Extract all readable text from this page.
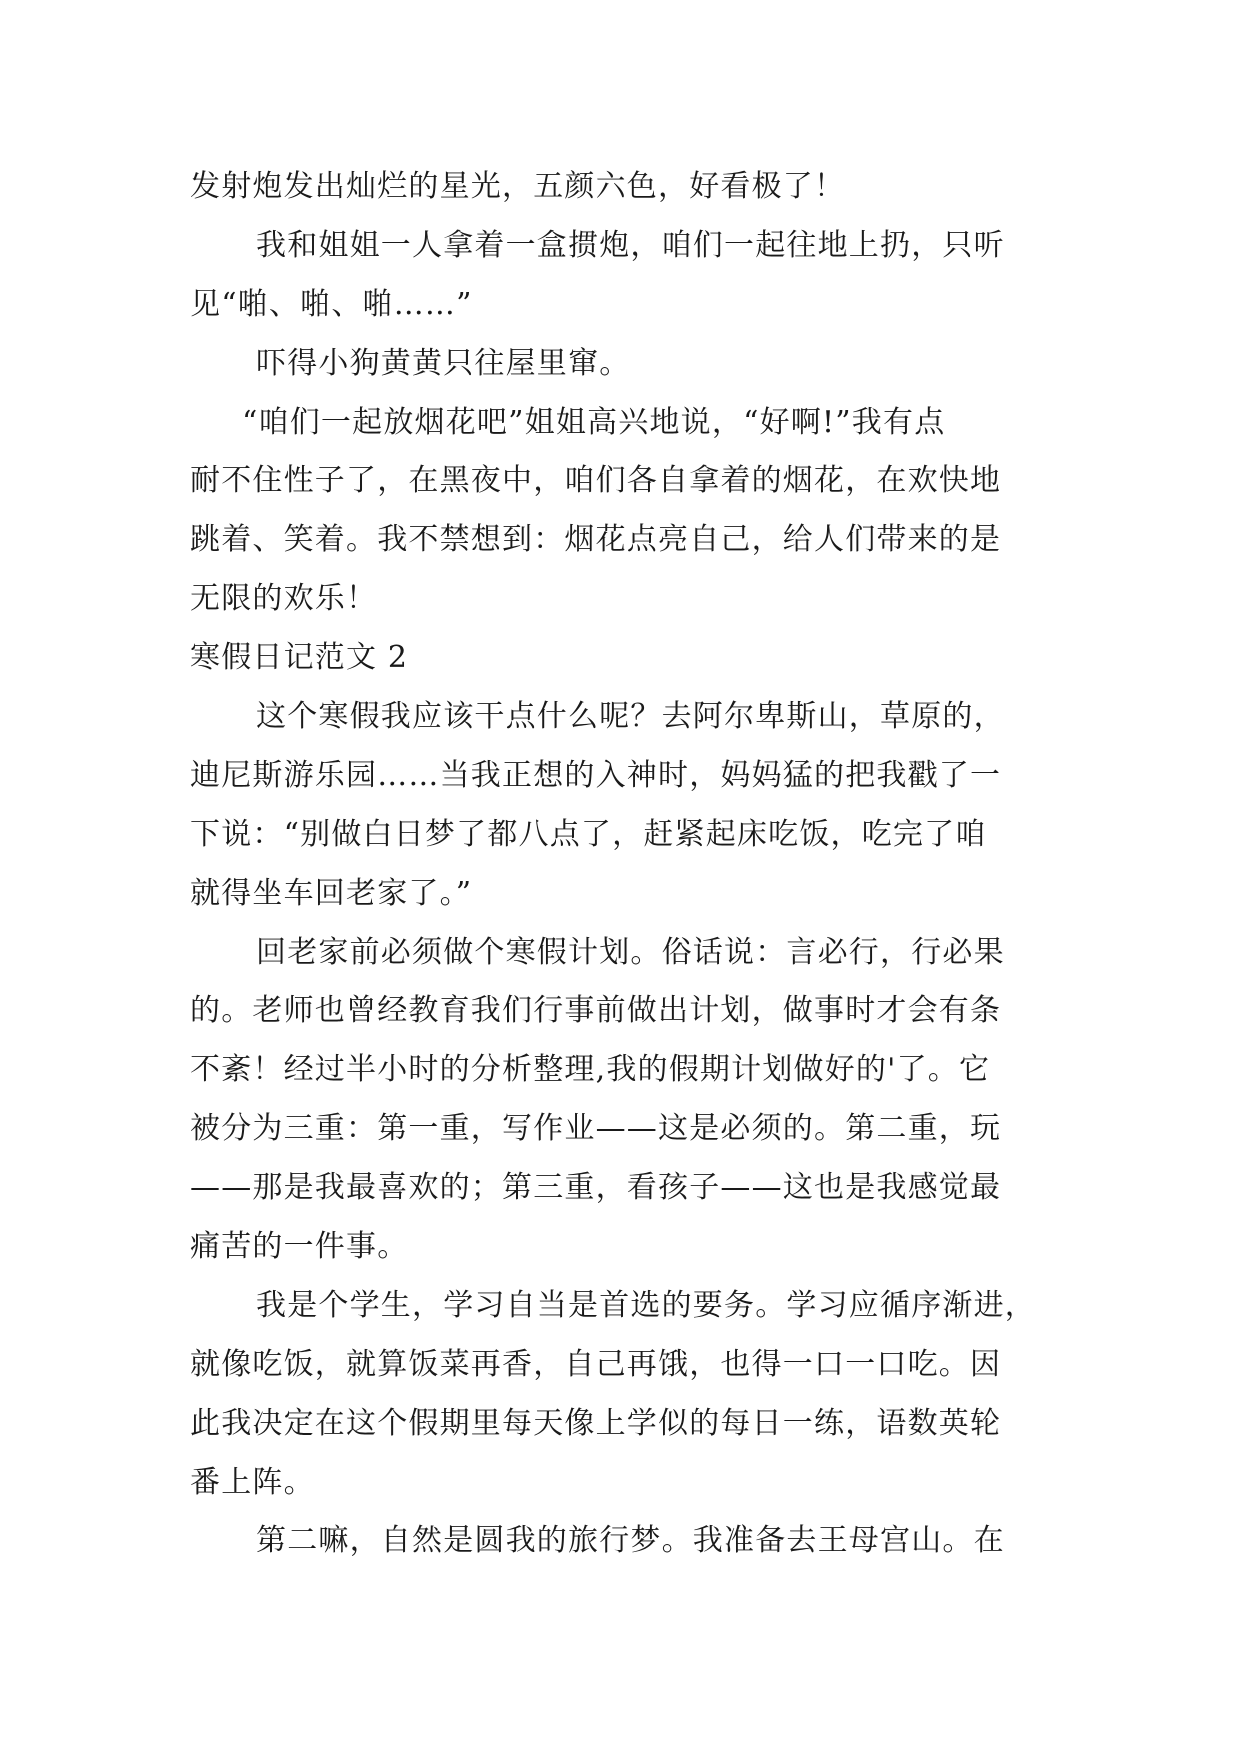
发射炮发出灿烂的星光，五颜六色，好看极了！
我和姐姐一人拿着一盒掼炮，咱们一起往地上扔，只听
见“啪、啪、啪……”
吓得小狗黄黄只往屋里窜。
“咱们一起放烟花吧”姐姐高兴地说，“好啊!”我有点
耐不住性子了，在黑夜中，咱们各自拿着的烟花，在欢快地
跳着、笑着。我不禁想到：烟花点亮自己，给人们带来的是
无限的欢乐！
寒假日记范文 2
这个寒假我应该干点什么呢？去阿尔卑斯山，草原的，
迪尼斯游乐园……当我正想的入神时，妈妈猛的把我戳了一
下说：“别做白日梦了都八点了，赶紧起床吃饭，吃完了咱
就得坐车回老家了。”
回老家前必须做个寒假计划。俗话说：言必行，行必果
的。老师也曾经教育我们行事前做出计划，做事时才会有条
不紊！经过半小时的分析整理,我的假期计划做好的'了。它
被分为三重：第一重，写作业——这是必须的。第二重，玩
——那是我最喜欢的；第三重，看孩子——这也是我感觉最
痛苦的一件事。
我是个学生，学习自当是首选的要务。学习应循序渐进，
就像吃饭，就算饭菜再香，自己再饿，也得一口一口吃。因
此我决定在这个假期里每天像上学似的每日一练，语数英轮
番上阵。
第二嘛，自然是圆我的旅行梦。我准备去王母宫山。在
